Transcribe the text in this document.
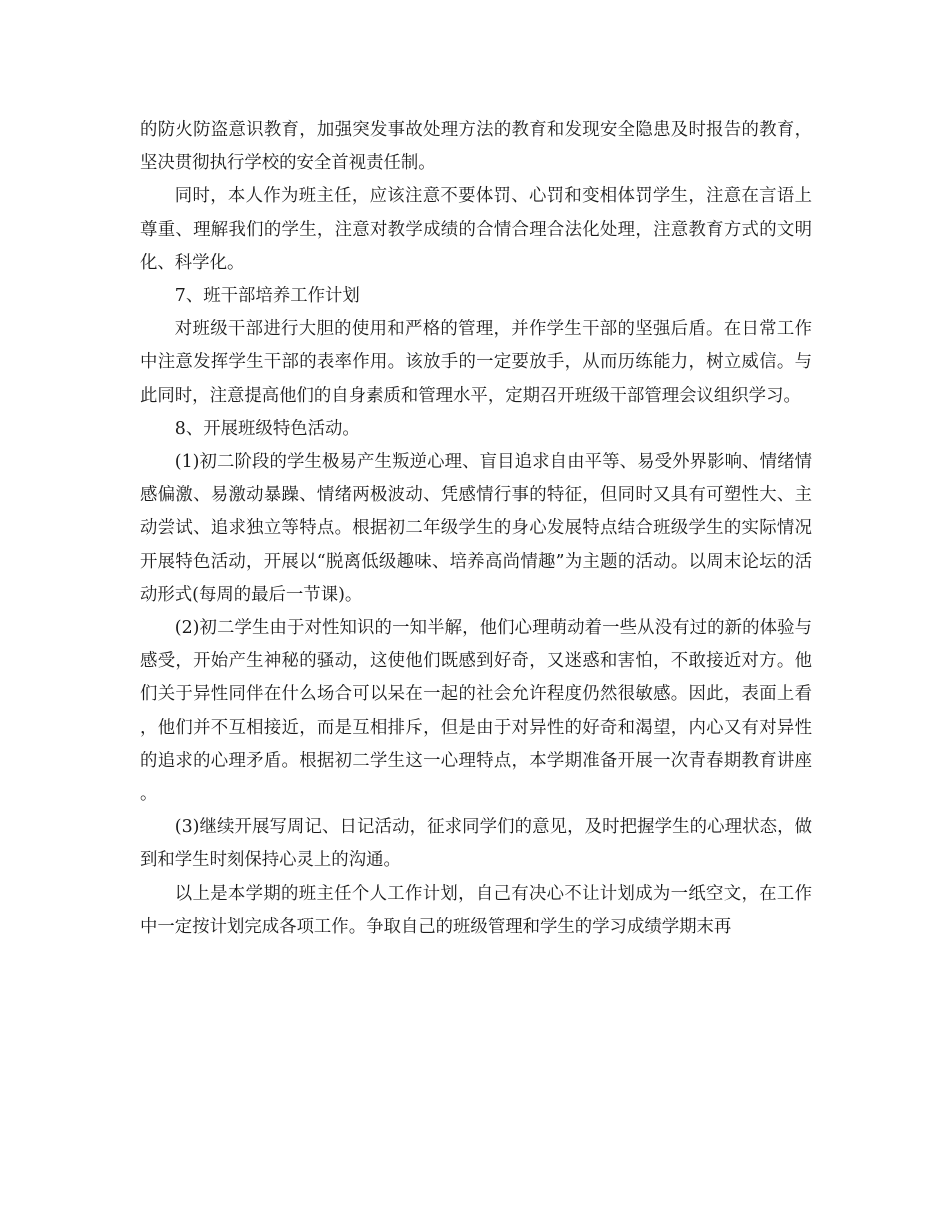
的防火防盗意识教育，加强突发事故处理方法的教育和发现安全隐患及时报告的教育，坚决贯彻执行学校的安全首视责任制。

同时，本人作为班主任，应该注意不要体罚、心罚和变相体罚学生，注意在言语上尊重、理解我们的学生，注意对教学成绩的合情合理合法化处理，注意教育方式的文明化、科学化。

7、班干部培养工作计划

对班级干部进行大胆的使用和严格的管理，并作学生干部的坚强后盾。在日常工作中注意发挥学生干部的表率作用。该放手的一定要放手，从而历练能力，树立威信。与此同时，注意提高他们的自身素质和管理水平，定期召开班级干部管理会议组织学习。

8、开展班级特色活动。

(1)初二阶段的学生极易产生叛逆心理、盲目追求自由平等、易受外界影响、情绪情感偏激、易激动暴躁、情绪两极波动、凭感情行事的特征，但同时又具有可塑性大、主动尝试、追求独立等特点。根据初二年级学生的身心发展特点结合班级学生的实际情况开展特色活动，开展以“脱离低级趣味、培养高尚情趣”为主题的活动。以周末论坛的活动形式(每周的最后一节课)。

(2)初二学生由于对性知识的一知半解，他们心理萌动着一些从没有过的新的体验与感受，开始产生神秘的骚动，这使他们既感到好奇，又迷惑和害怕，不敢接近对方。他们关于异性同伴在什么场合可以呆在一起的社会允许程度仍然很敏感。因此，表面上看，他们并不互相接近，而是互相排斥，但是由于对异性的好奇和渴望，内心又有对异性的追求的心理矛盾。根据初二学生这一心理特点，本学期准备开展一次青春期教育讲座。

(3)继续开展写周记、日记活动，征求同学们的意见，及时把握学生的心理状态，做到和学生时刻保持心灵上的沟通。

以上是本学期的班主任个人工作计划，自己有决心不让计划成为一纸空文，在工作中一定按计划完成各项工作。争取自己的班级管理和学生的学习成绩学期末再
